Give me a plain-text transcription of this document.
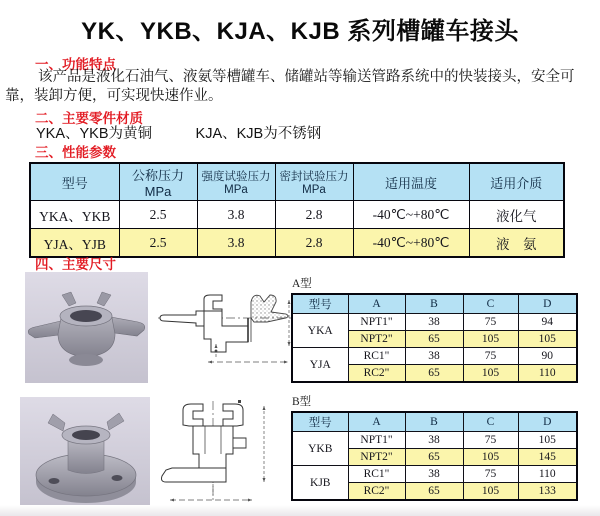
YK、YKB、KJA、KJB 系列槽罐车接头
一、功能特点

该产品是液化石油气、液氨等槽罐车、储罐站等输送管路系统中的快装接头，安全可靠，装卸方便，可实现快速作业。

二、主要零件材质

YKA、YKB为黄铜　　　KJA、KJB为不锈钢

三、性能参数
型号	公称压力 MPa	强度试验压力MPa	密封试验压力MPa	适用温度	适用介质
YKA、YKB	2.5	3.8	2.8	-40℃~+80℃	液化气
YJA、YJB	2.5	3.8	2.8	-40℃~+80℃	液　氨
四、主要尺寸

A型

型号	A	B	C	D
YKA	NPT1"	38	75	94
	NPT2"	65	105	105
YJA	RC1"	38	75	90
	RC2"	65	105	110

B型

型号	A	B	C	D
YKB	NPT1"	38	75	105
	NPT2"	65	105	145
KJB	RC1"	38	75	110
	RC2"	65	105	133
